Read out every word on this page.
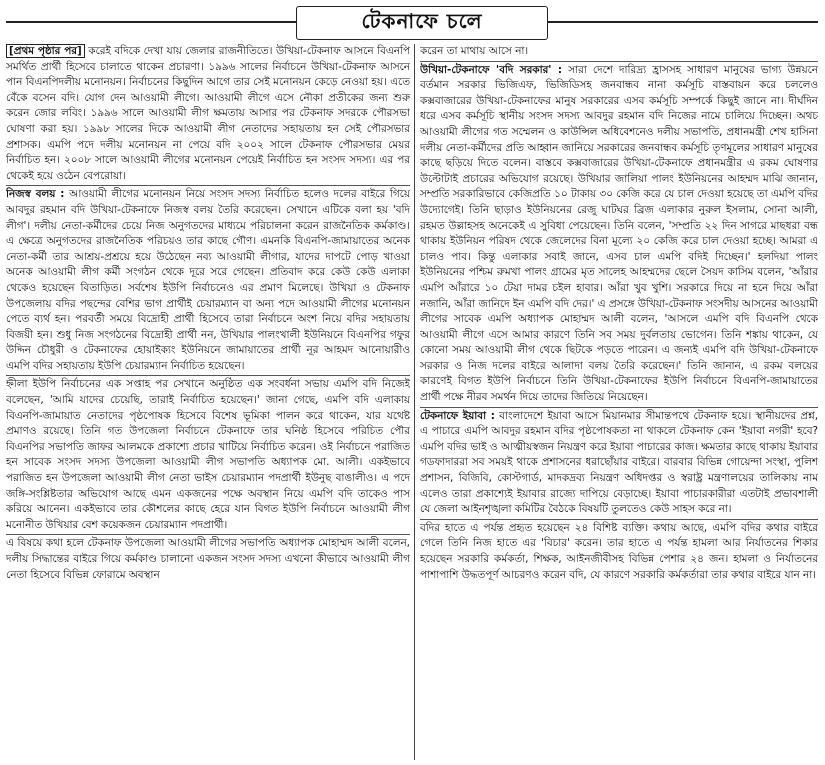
টেকনাফে চলে

[প্রথম পৃষ্ঠার পর] করেই বদিকে দেখা যায় জেলার রাজনীতিতে। উখিয়া-টেকনাফ আসনে বিএনপি সমর্থিত প্রার্থী হিসেবে চালাতে থাকেন প্রচারণা। ১৯৯৬ সালের নির্বাচনে উখিয়া-টেকনাফ আসনে পান বিএনপিদলীয় মনোনয়ন। নির্বাচনের কিছুদিন আগে তার সেই মনোনয়ন কেড়ে নেওয়া হয়। এতে বেঁকে বসেন বদি। যোগ দেন আওয়ামী লীগে। আওয়ামী লীগে এসে নৌকা প্রতীকের জন্য শুরু করেন জোর লবিং। ১৯৯৬ সালে আওয়ামী লীগ ক্ষমতায় আসার পর টেকনাফ সদরকে পৌরসভা ঘোষণা করা হয়। ১৯৯৮ সালের দিকে আওয়ামী লীগ নেতাদের সহায়তায় হন সেই পৌরসভার প্রশাসক। এমপি পদে দলীয় মনোনয়ন না পেয়ে বদি ২০০২ সালে টেকনাফ পৌরসভার মেয়র নির্বাচিত হন। ২০০৮ সালে আওয়ামী লীগের মনোনয়ন পেয়েই নির্বাচিত হন সংসদ সদস্য। এর পর থেকেই হয়ে ওঠেন বেপরোয়া।

নিজস্ব বলয় : আওয়ামী লীগের মনোনয়ন নিয়ে সংসদ সদস্য নির্বাচিত হলেও দলের বাইরে গিয়ে আবদুর রহমান বদি উখিয়া-টেকনাফে নিজস্ব বলয় তৈরি করেছেন। সেখানে এটিকে বলা হয় 'বদি লীগ'। দলীয় নেতা-কর্মীদের চেয়ে নিজ অনুগতদের মাধ্যমে পরিচালনা করেন রাজনৈতিক কর্মকাণ্ড। এ ক্ষেত্রে অনুগতদের রাজনৈতিক পরিচয়ও তার কাছে গৌণ। এমনকি বিএনপি-জামায়াতের অনেক নেতা-কর্মী তার আশ্রয়-প্রশ্রয়ে হয়ে উঠেছেন নব্য আওয়ামী লীগার, যাদের দাপটে পোড় খাওয়া অনেক আওয়ামী লীগ কর্মী সংগঠন থেকে দূরে সরে গেছেন। প্রতিবাদ করে কেউ কেউ এলাকা থেকেও হয়েছেন বিতাড়িত। সর্বশেষ ইউপি নির্বাচনেও এর প্রমাণ মিলেছে। উখিয়া ও টেকনাফ উপজেলায় বদির পছন্দের বেশির ভাগ প্রার্থীই চেয়ারম্যান বা অন্য পদে আওয়ামী লীগের মনোনয়ন পেতে ব্যর্থ হন। পরবর্তী সময়ে বিদ্রোহী প্রার্থী হিসেবে তারা নির্বাচনে অংশ নিয়ে বদির সহায়তায় বিজয়ী হন। শুধু নিজ সংগঠনের বিদ্রোহী প্রার্থী নন, উখিয়ার পালংখালী ইউনিয়নে বিএনপির গফুর উদ্দিন চৌধুরী ও টেকনাফের হোয়াইক্যং ইউনিয়নে জামায়াতের প্রার্থী নূর আহমদ আনোয়ারীও এমপি বদির সহায়তায় ইউপি চেয়ারম্যান নির্বাচিত হয়েছেন।

হ্নীলা ইউপি নির্বাচনের এক সপ্তাহ পর সেখানে অনুষ্ঠিত এক সংবর্ধনা সভায় এমপি বদি নিজেই বলেছেন, 'আমি যাদের চেয়েছি, তারাই নির্বাচিত হয়েছেন।' জানা গেছে, এমপি বদি এলাকায় বিএনপি-জামায়াত নেতাদের পৃষ্ঠপোষক হিসেবে বিশেষ ভূমিকা পালন করে থাকেন, যার যথেষ্ট প্রমাণও রয়েছে। তিনি গত উপজেলা নির্বাচনে টেকনাফে তার ঘনিষ্ঠ হিসেবে পরিচিত পৌর বিএনপির সভাপতি জাফর আলমকে প্রকাশ্যে প্রচার খাটিয়ে নির্বাচিত করেন। ওই নির্বাচনে পরাজিত হন সাবেক সংসদ সদস্য উপজেলা আওয়ামী লীগ সভাপতি অধ্যাপক মো. আলী। একইভাবে পরাজিত হন উপজেলা আওয়ামী লীগ নেতা ভাইস চেয়ারম্যান পদপ্রার্থী ইউনুছ বাঙালীও। এ পদে জঙ্গি-সংশ্লিষ্টতার অভিযোগ আছে এমন একজনের পক্ষে অবস্থান নিয়ে এমপি বদি তাকেও পাস করিয়ে আনেন। একইভাবে তার কৌশলের কাছে হেরে যান বিগত ইউপি নির্বাচনে আওয়ামী লীগ মনোনীত উখিয়ার বেশ কয়েকজন চেয়ারম্যান পদপ্রার্থী।

এ বিষয়ে কথা হলে টেকনাফ উপজেলা আওয়ামী লীগের সভাপতি অধ্যাপক মোহাম্মদ আলী বলেন, দলীয় সিদ্ধান্তের বাইরে গিয়ে কর্মকাণ্ড চালানো একজন সংসদ সদস্য এখনো কীভাবে আওয়ামী লীগ নেতা হিসেবে বিভিন্ন ফোরামে অবস্থান

করেন তা মাথায় আসে না।

উখিয়া-টেকনাফে 'বদি সরকার' : সারা দেশে দারিদ্র্য হ্রাসসহ সাধারণ মানুষের ভাগ্য উন্নয়নে বর্তমান সরকার ভিজিএফ, ভিজিডিসহ জনবান্ধব নানা কর্মসূচি বাস্তবায়ন করে চললেও কক্সবাজারের উখিয়া-টেকনাফের মানুষ সরকারের এসব কর্মসূচি সম্পর্কে কিছুই জানে না। দীর্ঘদিন ধরে এসব কর্মসূচি স্থানীয় সংসদ সদস্য আবদুর রহমান বদি নিজের নামে চালিয়ে দিচ্ছেন। অথচ আওয়ামী লীগের গত সম্মেলন ও কাউন্সিল অধিবেশনেও দলীয় সভাপতি, প্রধানমন্ত্রী শেখ হাসিনা দলীয় নেতা-কর্মীদের প্রতি আহ্বান জানিয়ে সরকারের জনবান্ধব কর্মসূচি তৃণমূলের সাধারণ মানুষের কাছে ছড়িয়ে দিতে বলেন। বাস্তবে কক্সবাজারের উখিয়া-টেকনাফে প্রধানমন্ত্রীর এ রকম ঘোষণার উল্টোটাই প্রচারের অভিযোগ রয়েছে। উখিয়ার জালিয়া পালং ইউনিয়নের আহম্মদ মাঝি জানান, সম্প্রতি সরকারিভাবে কেজিপ্রতি ১০ টাকায় ৩০ কেজি করে যে চাল দেওয়া হয়েছে তা এমপি বদির উদ্যোগেই। তিনি ছাড়াও ইউনিয়নের রেজু ঘাটঘর ব্রিজ এলাকার নুরুল ইসলাম, সোনা আলী, রহমত উল্লাহসহ অনেকেই এ সুবিধা পেয়েছেন। তিনি বলেন, 'সম্প্রতি ২২ দিন সাগরে মাছধরা বন্ধ থাকায় ইউনিয়ন পরিষদ থেকে জেলেদের বিনা মূল্যে ২০ কেজি করে চাল দেওয়া হচ্ছে। আমরা এ চালও পাব। কিন্তু এলাকার সবাই জানে, এসব চাল এমপি বদিই দিচ্ছেন।' হলদিয়া পালং ইউনিয়নের পশ্চিম রুমখা পালং গ্রামের মৃত সালেহ আহম্মদের ছেলে সৈয়দ কাসিম বলেন, 'আঁরার এমপি আঁরারে ১০ টেয়া দামর চইল হাবার। আঁরা খুব খুশি। সরকারে দিয়ে না হনে দিয়ে আঁরা নজানি, আঁরা জানিদে ইন এমপি বদি দের।' এ প্রসঙ্গে উখিয়া-টেকনাফ সংসদীয় আসনের আওয়ামী লীগের সাবেক এমপি অধ্যাপক মোহাম্মদ আলী বলেন, 'আসলে এমপি বদি বিএনপি থেকে আওয়ামী লীগে এসে আমার কারণে তিনি সব সময় দুর্বলতায় ভোগেন। তিনি শঙ্কায় থাকেন, যে কোনো সময় আওয়ামী লীগ থেকে ছিটকে পড়তে পারেন। এ জন্যই এমপি বদি উখিয়া-টেকনাফে সরকার ও নিজ দলের বাইরে আলাদা বলয় তৈরি করেছেন।' তিনি জানান, এ রকম বলয়ের কারণেই বিগত ইউপি নির্বাচনে তিনি উখিয়া-টেকনাফের ইউপি নির্বাচনে বিএনপি-জামায়াতের প্রার্থী পক্ষে নীরব সমর্থন দিয়ে তাদের জিতিয়ে নিয়েছেন।

টেকনাফে ইয়াবা : বাংলাদেশে ইয়াবা আসে মিয়ানমার সীমান্তপথে টেকনাফ হয়ে। স্থানীয়দের প্রশ্ন, এ পাচারে এমপি আবদুর রহমান বদির পৃষ্ঠপোষকতা না থাকলে টেকনাফ কেন 'ইয়াবা নগরী' হবে? এমপি বদির ভাই ও আত্মীয়স্বজন নিয়ন্ত্রণ করে ইয়াবা পাচারের কাজ। ক্ষমতার কাছে থাকায় ইয়াবার গডফাদাররা সব সময়ই থাকে প্রশাসনের ধরাছোঁয়ার বাইরে। বারবার বিভিন্ন গোয়েন্দা সংস্থা, পুলিশ প্রশাসন, বিজিবি, কোস্টগার্ড, মাদকদ্রব্য নিয়ন্ত্রণ অধিদপ্তর ও স্বরাষ্ট্র মন্ত্রণালয়ের তালিকায় নাম এলেও তারা প্রকাশ্যেই ইয়াবার রাজ্যে দাপিয়ে বেড়াচ্ছে। ইয়াবা পাচারকারীরা এতটাই প্রভাবশালী যে জেলা আইনশৃঙ্খলা কমিটির বৈঠকে বিষয়টি তুলতেও কেউ সাহস করে না।

বদির হাতে এ পর্যন্ত প্রহৃত হয়েছেন ২৪ বিশিষ্ট ব্যক্তি। কথায় আছে, এমপি বদির কথার বাইরে গেলে তিনি নিজ হাতে এর 'বিচার' করেন। তার হাতে এ পর্যন্ত হামলা আর নির্যাতনের শিকার হয়েছেন সরকারি কর্মকর্তা, শিক্ষক, আইনজীবীসহ বিভিন্ন পেশার ২৪ জন। হামলা ও নির্যাতনের পাশাপাশি উদ্ধতপূর্ণ আচরণও করেন বদি, যে কারণে সরকারি কর্মকর্তারা তার কথার বাইরে যান না।
